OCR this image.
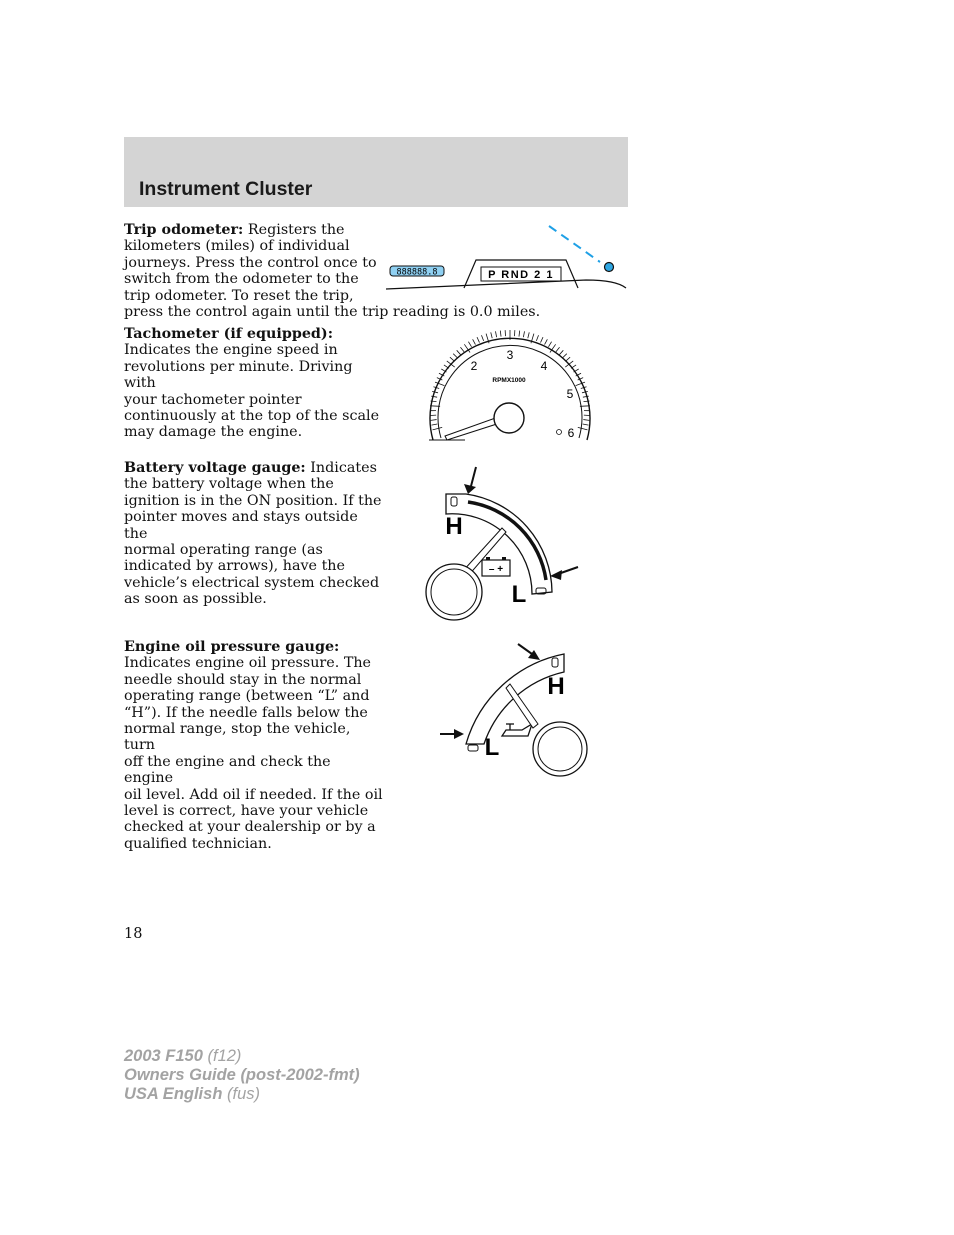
Instrument Cluster
Trip odometer: Registers the
kilometers (miles) of individual
journeys. Press the control once to
switch from the odometer to the
trip odometer. To reset the trip,
press the control again until the trip reading is 0.0 miles.
888888.8	P RND 2 1
Tachometer (if equipped):
Indicates the engine speed in
revolutions per minute. Driving with
your tachometer pointer
continuously at the top of the scale
may damage the engine.
2
3
4
5
6
RPMX1000
Battery voltage gauge: Indicates
the battery voltage when the
ignition is in the ON position. If the
pointer moves and stays outside the
normal operating range (as
indicated by arrows), have the
vehicle’s electrical system checked
as soon as possible.
H
L
– +
Engine oil pressure gauge:
Indicates engine oil pressure. The
needle should stay in the normal
operating range (between “L” and
“H”). If the needle falls below the
normal range, stop the vehicle, turn
off the engine and check the engine
oil level. Add oil if needed. If the oil
level is correct, have your vehicle
checked at your dealership or by a
qualified technician.
H
L
18
2003 F150 (f12)
Owners Guide (post-2002-fmt)
USA English (fus)
